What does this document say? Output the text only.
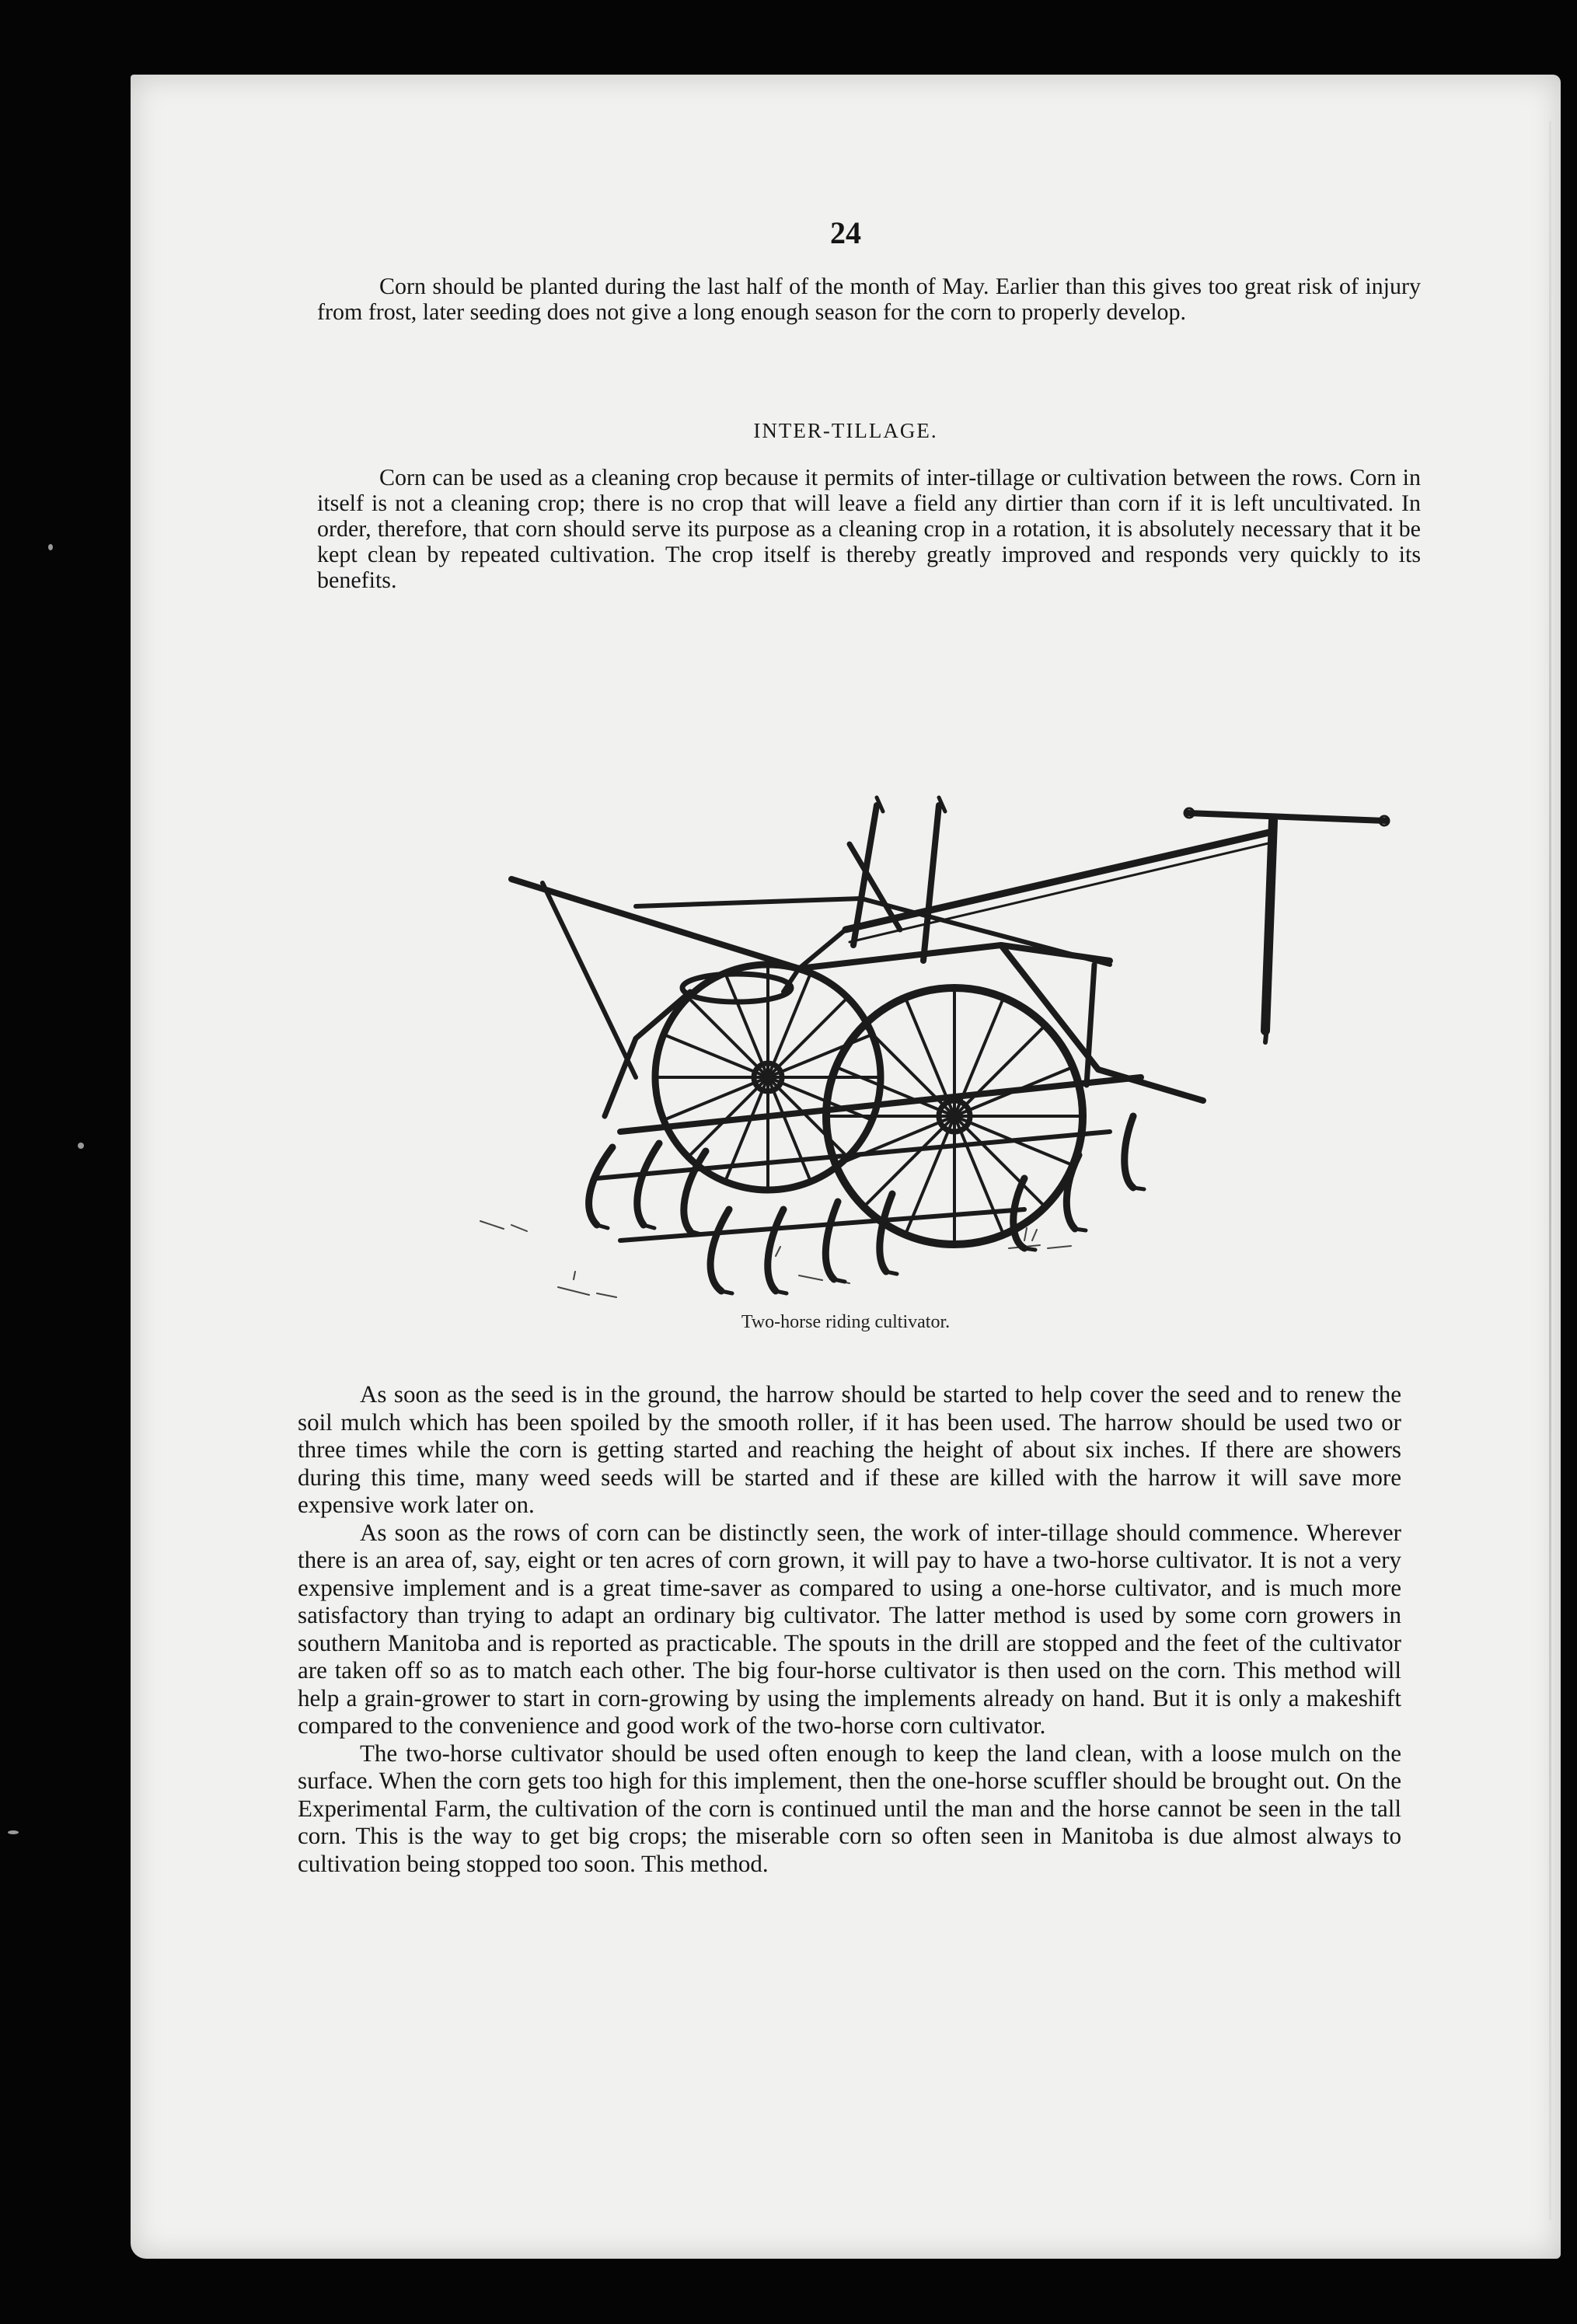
24

Corn should be planted during the last half of the month of May. Earlier than this gives too great risk of injury from frost, later seeding does not give a long enough season for the corn to properly develop.

INTER-TILLAGE.

Corn can be used as a cleaning crop because it permits of inter-tillage or cultivation between the rows. Corn in itself is not a cleaning crop; there is no crop that will leave a field any dirtier than corn if it is left uncultivated. In order, therefore, that corn should serve its purpose as a cleaning crop in a rotation, it is absolutely necessary that it be kept clean by repeated cultivation. The crop itself is thereby greatly improved and responds very quickly to its benefits.

Two-horse riding cultivator.

As soon as the seed is in the ground, the harrow should be started to help cover the seed and to renew the soil mulch which has been spoiled by the smooth roller, if it has been used. The harrow should be used two or three times while the corn is getting started and reaching the height of about six inches. If there are showers during this time, many weed seeds will be started and if these are killed with the harrow it will save more expensive work later on.

As soon as the rows of corn can be distinctly seen, the work of inter-tillage should commence. Wherever there is an area of, say, eight or ten acres of corn grown, it will pay to have a two-horse cultivator. It is not a very expensive implement and is a great time-saver as compared to using a one-horse cultivator, and is much more satisfactory than trying to adapt an ordinary big cultivator. The latter method is used by some corn growers in southern Manitoba and is reported as practicable. The spouts in the drill are stopped and the feet of the cultivator are taken off so as to match each other. The big four-horse cultivator is then used on the corn. This method will help a grain-grower to start in corn-growing by using the implements already on hand. But it is only a makeshift compared to the convenience and good work of the two-horse corn cultivator.

The two-horse cultivator should be used often enough to keep the land clean, with a loose mulch on the surface. When the corn gets too high for this implement, then the one-horse scuffler should be brought out. On the Experimental Farm, the cultivation of the corn is continued until the man and the horse cannot be seen in the tall corn. This is the way to get big crops; the miserable corn so often seen in Manitoba is due almost always to cultivation being stopped too soon. This method.
